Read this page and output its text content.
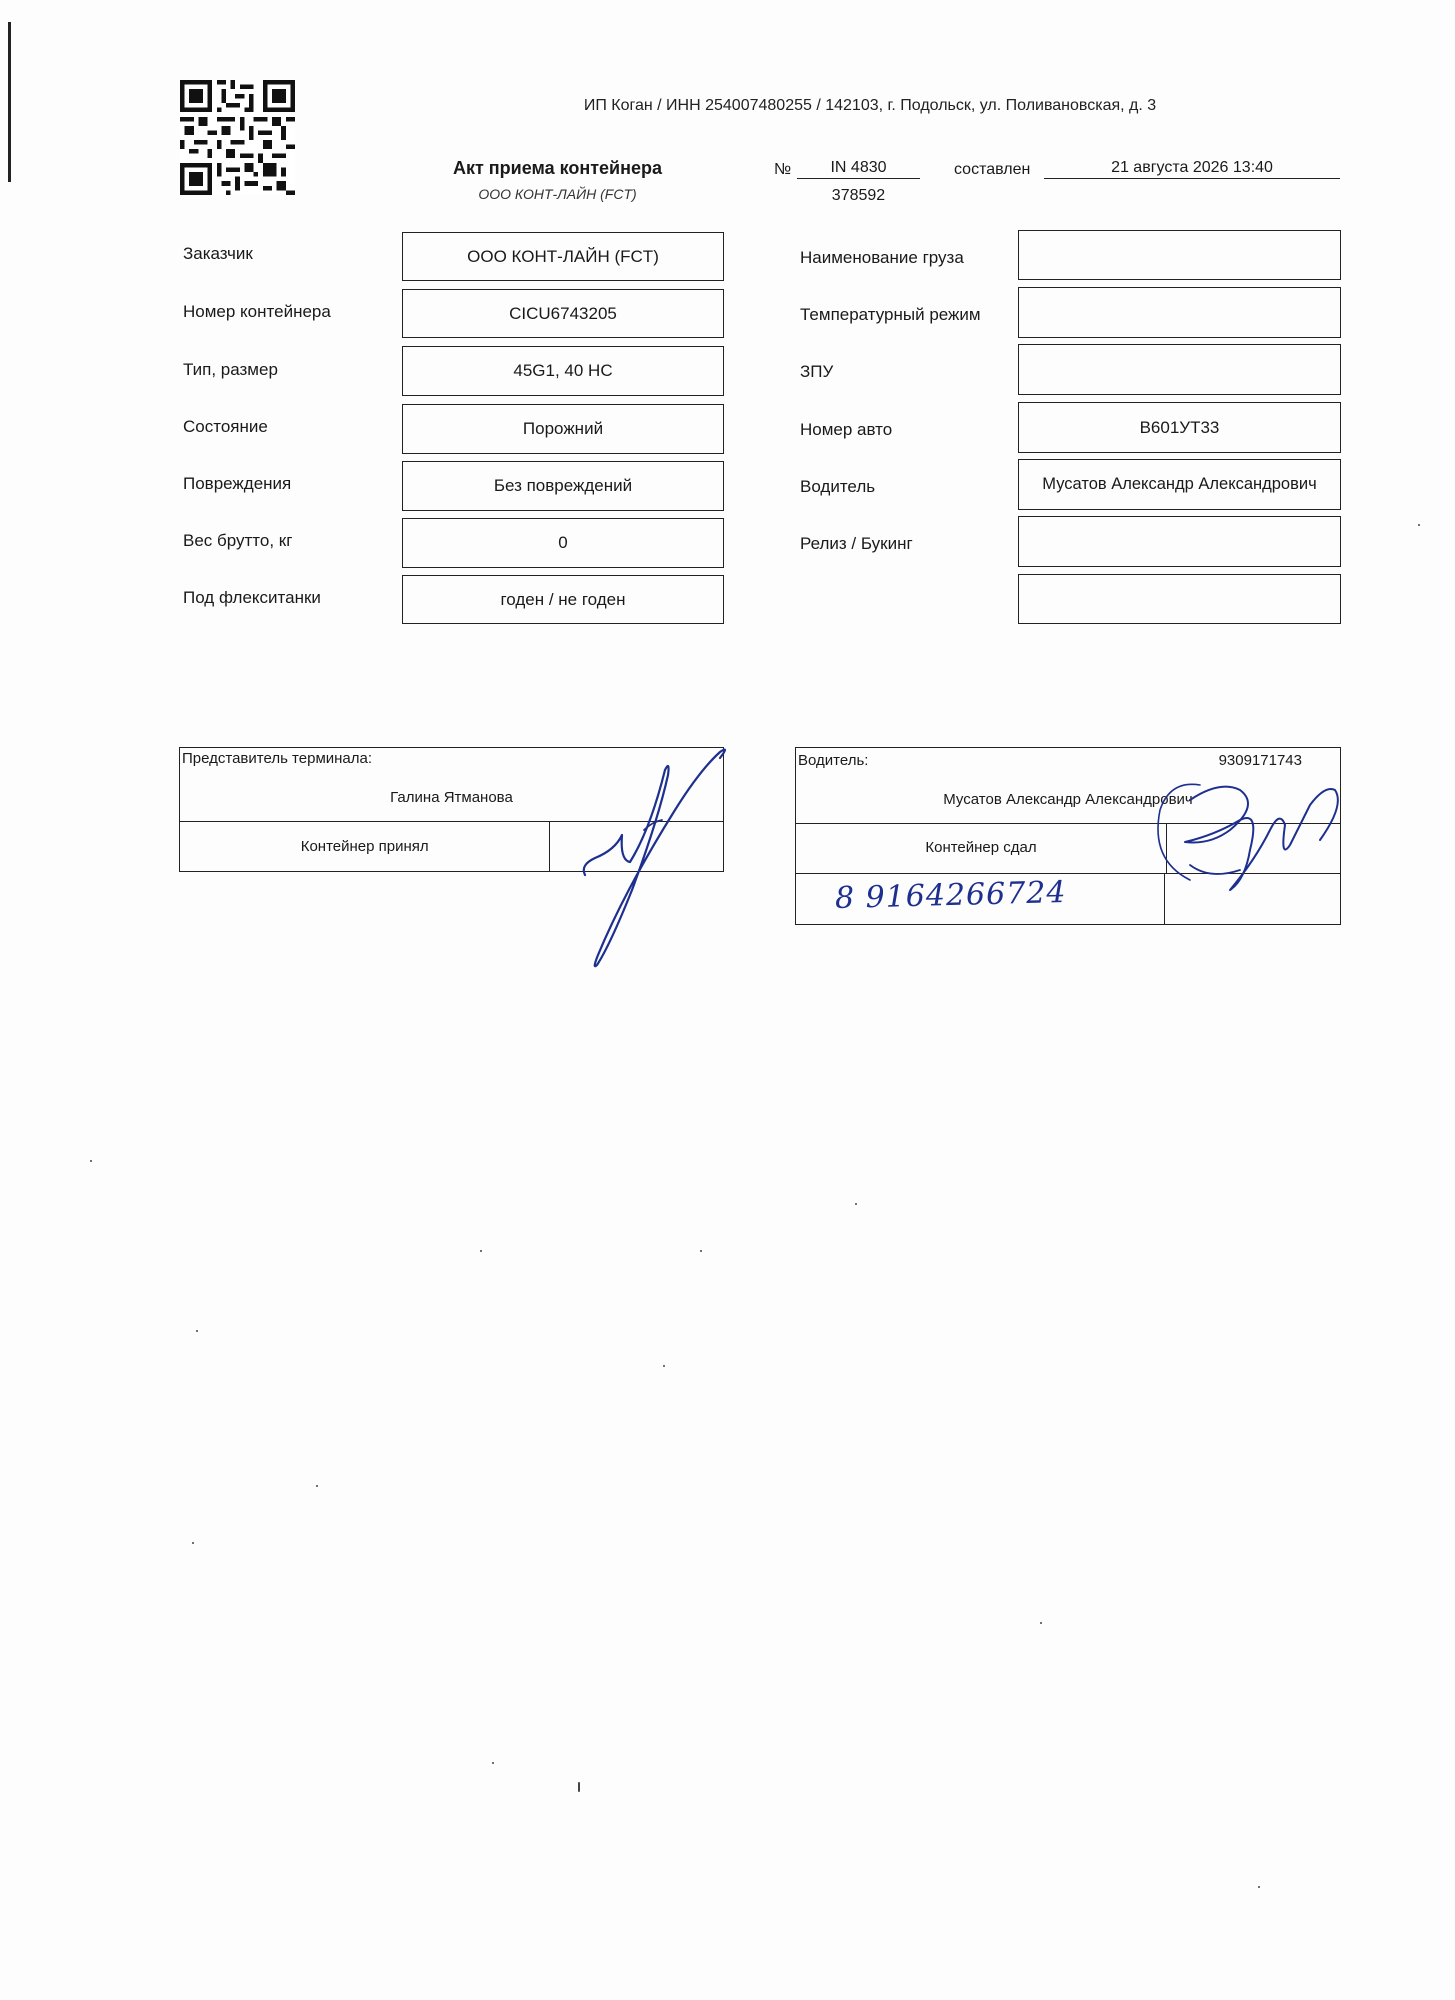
ИП Коган / ИНН 254007480255 / 142103, г. Подольск, ул. Поливановская, д. 3
Акт приема контейнера
ООО КОНТ-ЛАЙН (FCT)
№	IN 4830
378592
составлен	21 августа 2026 13:40
Заказчик	ООО КОНТ-ЛАЙН (FCT)
Номер контейнера	CICU6743205
Тип, размер	45G1, 40 HC
Состояние	Порожний
Повреждения	Без повреждений
Вес брутто, кг	0
Под флекситанки	годен / не годен
Наименование груза
Температурный режим
ЗПУ
Номер авто	В601УТ33
Водитель	Мусатов Александр Александрович
Релиз / Букинг
Представитель терминала:
Галина Ятманова

Контейнер принял	
Водитель:	9309171743
Мусатов Александр Александрович

Контейнер сдал

8 9164266724
